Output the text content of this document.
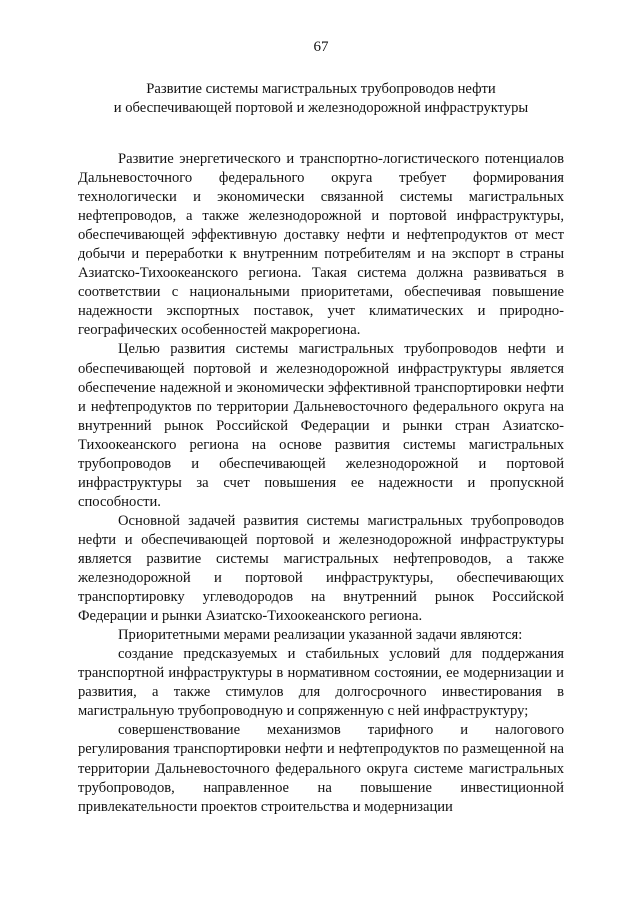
67
Развитие системы магистральных трубопроводов нефти
и обеспечивающей портовой и железнодорожной инфраструктуры

Развитие энергетического и транспортно-логистического потенциалов Дальневосточного федерального округа требует формирования технологически и экономически связанной системы магистральных нефтепроводов, а также железнодорожной и портовой инфраструктуры, обеспечивающей эффективную доставку нефти и нефтепродуктов от мест добычи и переработки к внутренним потребителям и на экспорт в страны Азиатско-Тихоокеанского региона. Такая система должна развиваться в соответствии с национальными приоритетами, обеспечивая повышение надежности экспортных поставок, учет климатических и природно-географических особенностей макрорегиона.

Целью развития системы магистральных трубопроводов нефти и обеспечивающей портовой и железнодорожной инфраструктуры является обеспечение надежной и экономически эффективной транспортировки нефти и нефтепродуктов по территории Дальневосточного федерального округа на внутренний рынок Российской Федерации и рынки стран Азиатско-Тихоокеанского региона на основе развития системы магистральных трубопроводов и обеспечивающей железнодорожной и портовой инфраструктуры за счет повышения ее надежности и пропускной способности.

Основной задачей развития системы магистральных трубопроводов нефти и обеспечивающей портовой и железнодорожной инфраструктуры является развитие системы магистральных нефтепроводов, а также железнодорожной и портовой инфраструктуры, обеспечивающих транспортировку углеводородов на внутренний рынок Российской Федерации и рынки Азиатско-Тихоокеанского региона.

Приоритетными мерами реализации указанной задачи являются:

создание предсказуемых и стабильных условий для поддержания транспортной инфраструктуры в нормативном состоянии, ее модернизации и развития, а также стимулов для долгосрочного инвестирования в магистральную трубопроводную и сопряженную с ней инфраструктуру;

совершенствование механизмов тарифного и налогового регулирования транспортировки нефти и нефтепродуктов по размещенной на территории Дальневосточного федерального округа системе магистральных трубопроводов, направленное на повышение инвестиционной привлекательности проектов строительства и модернизации
